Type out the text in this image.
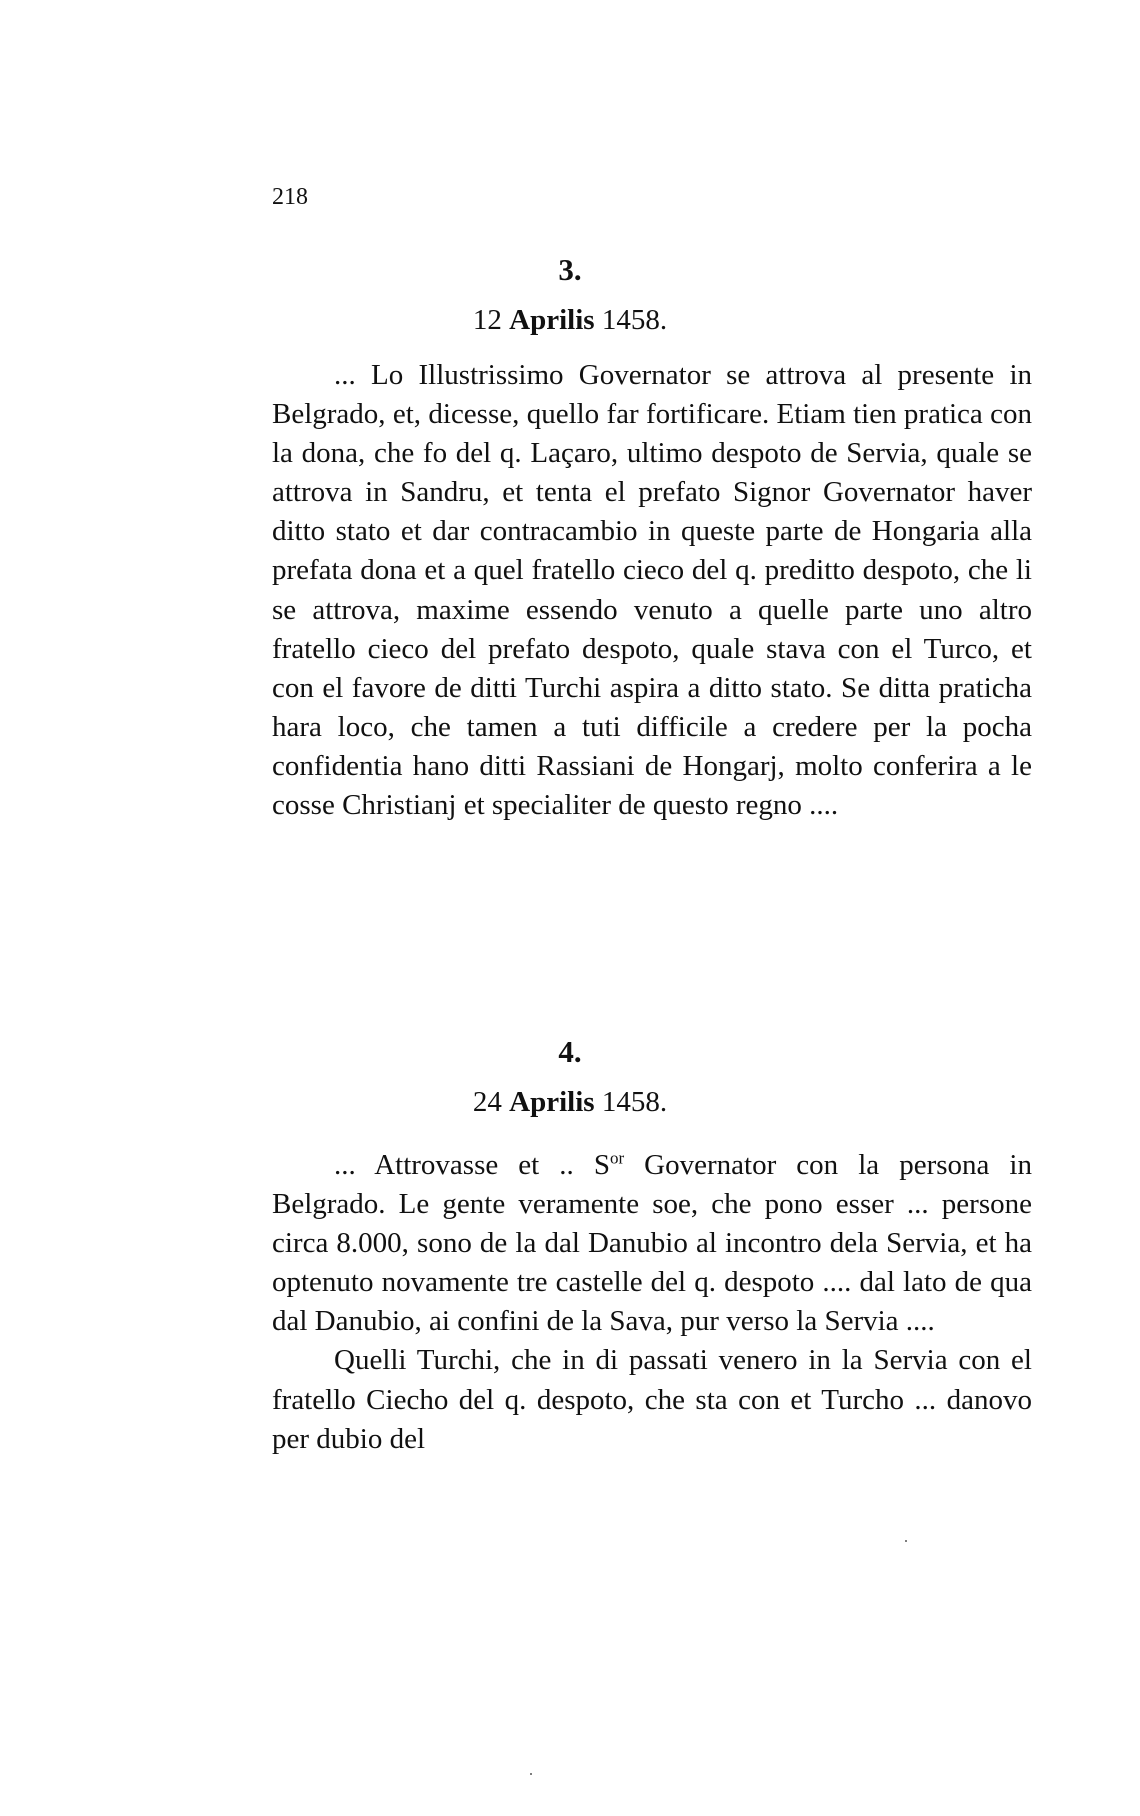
218
3.
12 Aprilis 1458.

... Lo Illustrissimo Governator se attrova al presente in Belgrado, et, dicesse, quello far fortificare. Etiam tien pratica con la dona, che fo del q. Laçaro, ultimo despoto de Servia, quale se attrova in Sandru, et tenta el prefato Signor Governator haver ditto stato et dar contracambio in queste parte de Hongaria alla prefata dona et a quel fratello cieco del q. preditto despoto, che li se attrova, maxime essendo venuto a quelle parte uno altro fratello cieco del prefato despoto, quale stava con el Turco, et con el favore de ditti Turchi aspira a ditto stato. Se ditta praticha hara loco, che tamen a tuti difficile a credere per la pocha confidentia hano ditti Rassiani de Hongarj, molto conferira a le cosse Christianj et specialiter de questo regno ....

4.
24 Aprilis 1458.

... Attrovasse et .. $S^{or}$ Governator con la persona in Belgrado. Le gente veramente soe, che pono esser ... persone circa 8.000, sono de la dal Danubio al incontro dela Servia, et ha optenuto novamente tre castelle del q. despoto .... dal lato de qua dal Danubio, ai confini de la Sava, pur verso la Servia ....

Quelli Turchi, che in di passati venero in la Servia con el fratello Ciecho del q. despoto, che sta con et Turcho ... danovo per dubio del
